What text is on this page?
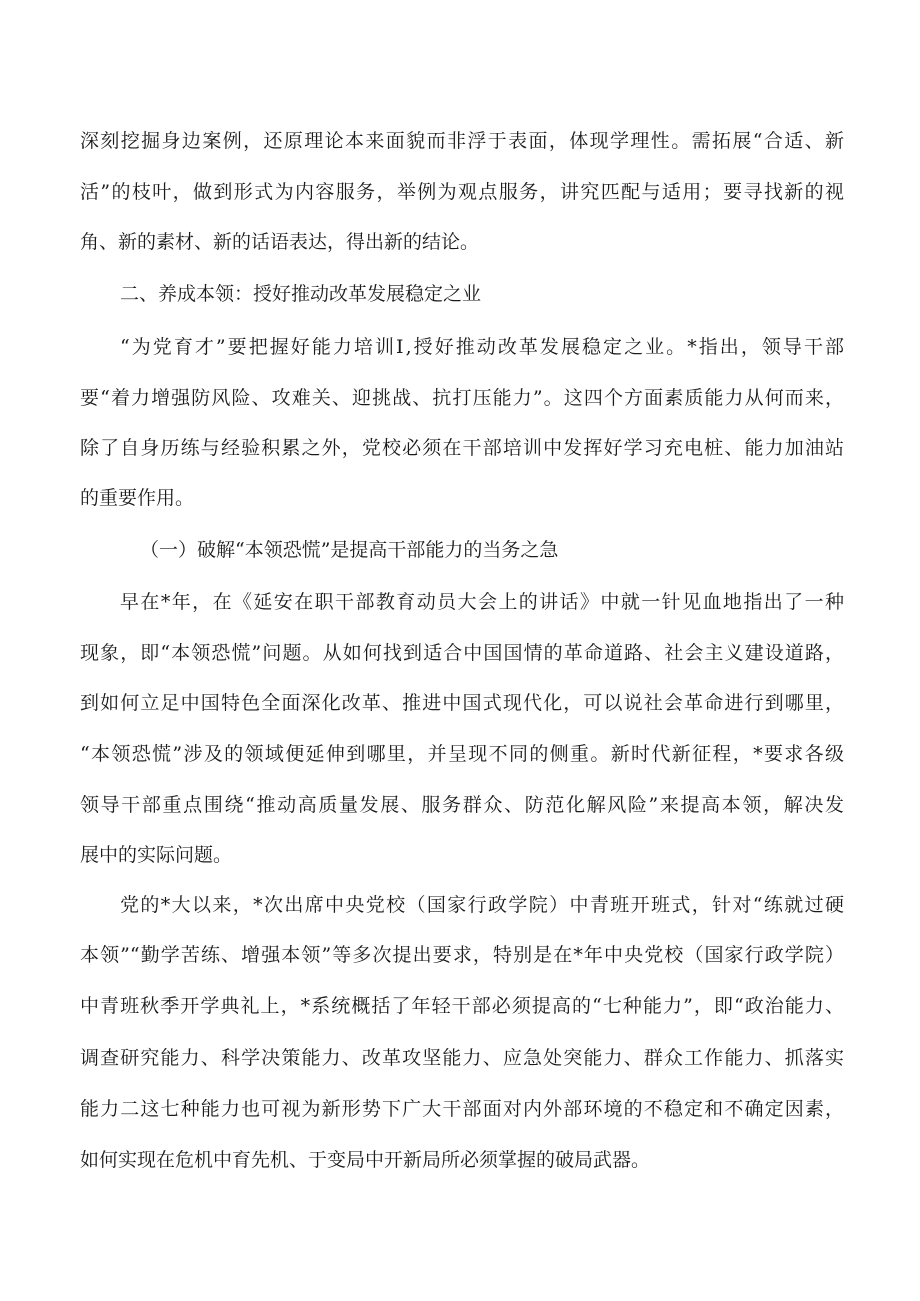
深刻挖掘身边案例，还原理论本来面貌而非浮于表面，体现学理性。需拓展“合适、新
活”的枝叶，做到形式为内容服务，举例为观点服务，讲究匹配与适用；要寻找新的视
角、新的素材、新的话语表达，得出新的结论。
二、养成本领：授好推动改革发展稳定之业
“为党育才”要把握好能力培训Ⅰ,授好推动改革发展稳定之业。*指出，领导干部
要“着力增强防风险、攻难关、迎挑战、抗打压能力”。这四个方面素质能力从何而来，
除了自身历练与经验积累之外，党校必须在干部培训中发挥好学习充电桩、能力加油站
的重要作用。
（一）破解“本领恐慌”是提高干部能力的当务之急
早在*年，在《延安在职干部教育动员大会上的讲话》中就一针见血地指出了一种
现象，即“本领恐慌”问题。从如何找到适合中国国情的革命道路、社会主义建设道路，
到如何立足中国特色全面深化改革、推进中国式现代化，可以说社会革命进行到哪里，
“本领恐慌”涉及的领域便延伸到哪里，并呈现不同的侧重。新时代新征程，*要求各级
领导干部重点围绕“推动高质量发展、服务群众、防范化解风险”来提高本领，解决发
展中的实际问题。
党的*大以来，*次出席中央党校（国家行政学院）中青班开班式，针对“练就过硬
本领”“勤学苦练、增强本领”等多次提出要求，特别是在*年中央党校（国家行政学院）
中青班秋季开学典礼上，*系统概括了年轻干部必须提高的“七种能力”，即“政治能力、
调查研究能力、科学决策能力、改革攻坚能力、应急处突能力、群众工作能力、抓落实
能力二这七种能力也可视为新形势下广大干部面对内外部环境的不稳定和不确定因素，
如何实现在危机中育先机、于变局中开新局所必须掌握的破局武器。
